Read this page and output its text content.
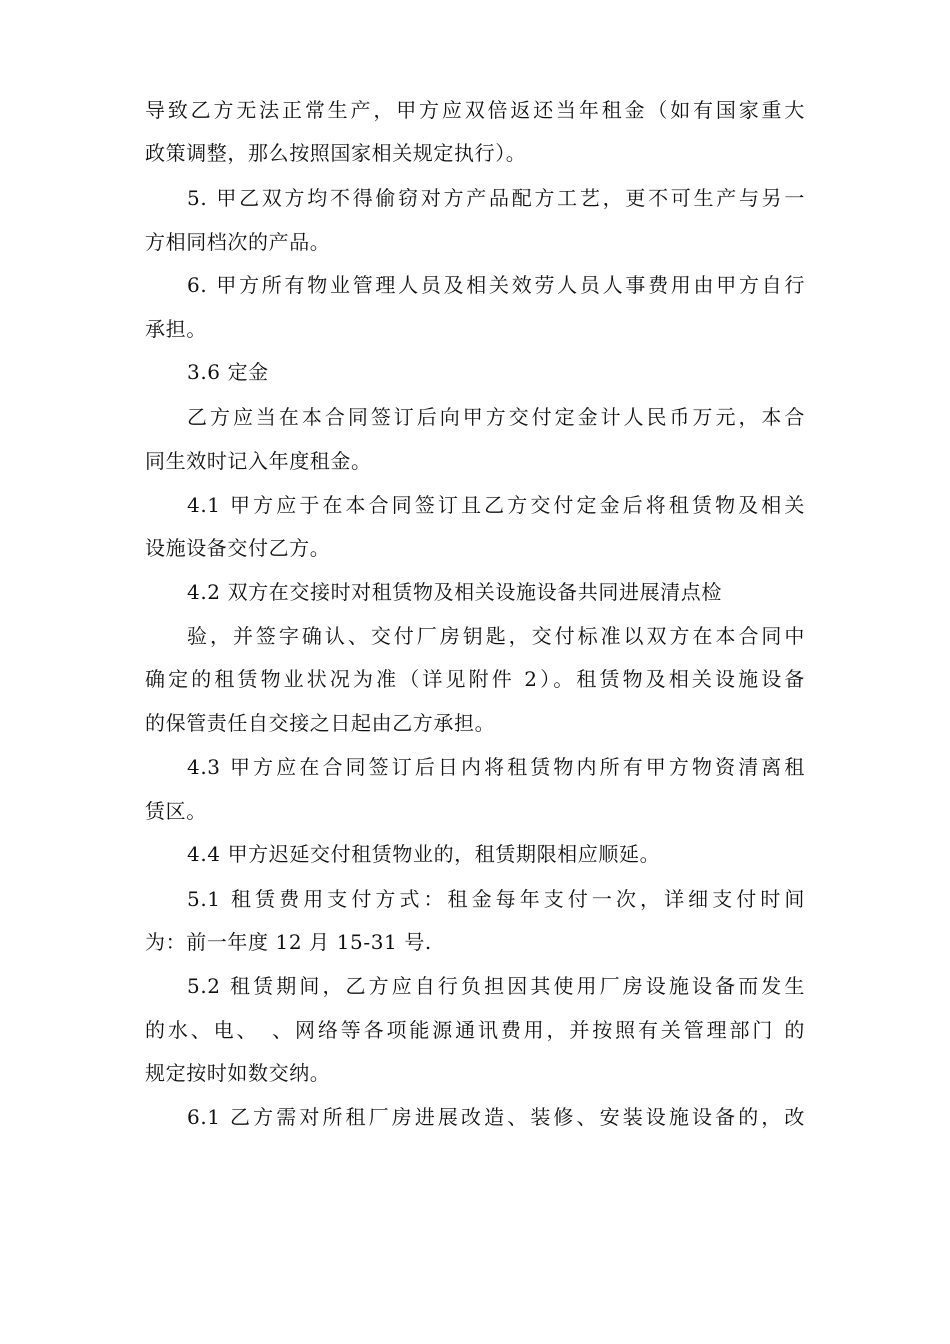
导致乙方无法正常生产，甲方应双倍返还当年租金（如有国家重大
政策调整，那么按照国家相关规定执行）。
5. 甲乙双方均不得偷窃对方产品配方工艺，更不可生产与另一
方相同档次的产品。
6. 甲方所有物业管理人员及相关效劳人员人事费用由甲方自行
承担。
3.6 定金
乙方应当在本合同签订后向甲方交付定金计人民币万元，本合
同生效时记入年度租金。
4.1 甲方应于在本合同签订且乙方交付定金后将租赁物及相关
设施设备交付乙方。
4.2 双方在交接时对租赁物及相关设施设备共同进展清点检
验，并签字确认、交付厂房钥匙，交付标准以双方在本合同中
确定的租赁物业状况为准（详见附件 2）。租赁物及相关设施设备
的保管责任自交接之日起由乙方承担。
4.3 甲方应在合同签订后日内将租赁物内所有甲方物资清离租
赁区。
4.4 甲方迟延交付租赁物业的，租赁期限相应顺延。
5.1 租赁费用支付方式：租金每年支付一次，详细支付时间
为：前一年度 12 月 15-31 号.
5.2 租赁期间，乙方应自行负担因其使用厂房设施设备而发生
的水、电、　、网络等各项能源通讯费用，并按照有关管理部门 的
规定按时如数交纳。
6.1 乙方需对所租厂房进展改造、装修、安装设施设备的，改
